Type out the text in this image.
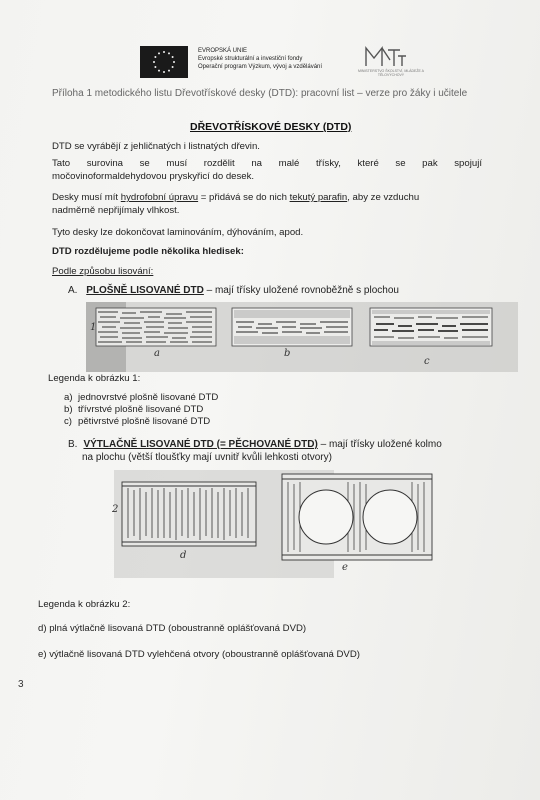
EVROPSKÁ UNIE
Evropské strukturální a investiční fondy
Operační program Výzkum, vývoj a vzdělávání
MINISTERSTVO ŠKOLSTVÍ, MLÁDEŽE A TĚLOVÝCHOVY
Příloha 1 metodického listu Dřevotřískové desky (DTD): pracovní list – verze pro žáky i učitele
DŘEVOTŘÍSKOVÉ DESKY (DTD)
DTD se vyrábějí z jehličnatých i listnatých dřevin.
Tato surovina se musí rozdělit na malé třísky, které se pak spojují
močovinoformaldehydovou pryskyřicí do desek.
Desky musí mít hydrofobní úpravu = přidává se do nich tekutý parafin, aby ze vzduchu
nadměrně nepřijímaly vlhkost.
Tyto desky lze dokončovat laminováním, dýhováním, apod.
DTD rozdělujeme podle několika hledisek:
Podle způsobu lisování:
A. PLOŠNĚ LISOVANÉ DTD – mají třísky uložené rovnoběžně s plochou
1
a	b
c
Legenda k obrázku 1:
a) jednovrstvé plošně lisované DTD
b) třívrstvé plošně lisované DTD
c) pětivrstvé plošně lisované DTD
B. VÝTLAČNĚ LISOVANÉ DTD (= PĚCHOVANÉ DTD) – mají třísky uložené kolmo
na plochu (větší tloušťky mají uvnitř kvůli lehkosti otvory)
2
d
e
Legenda k obrázku 2:
d) plná výtlačně lisovaná DTD (oboustranně oplášťovaná DVD)
e) výtlačně lisovaná DTD vylehčená otvory (oboustranně oplášťovaná DVD)
3
